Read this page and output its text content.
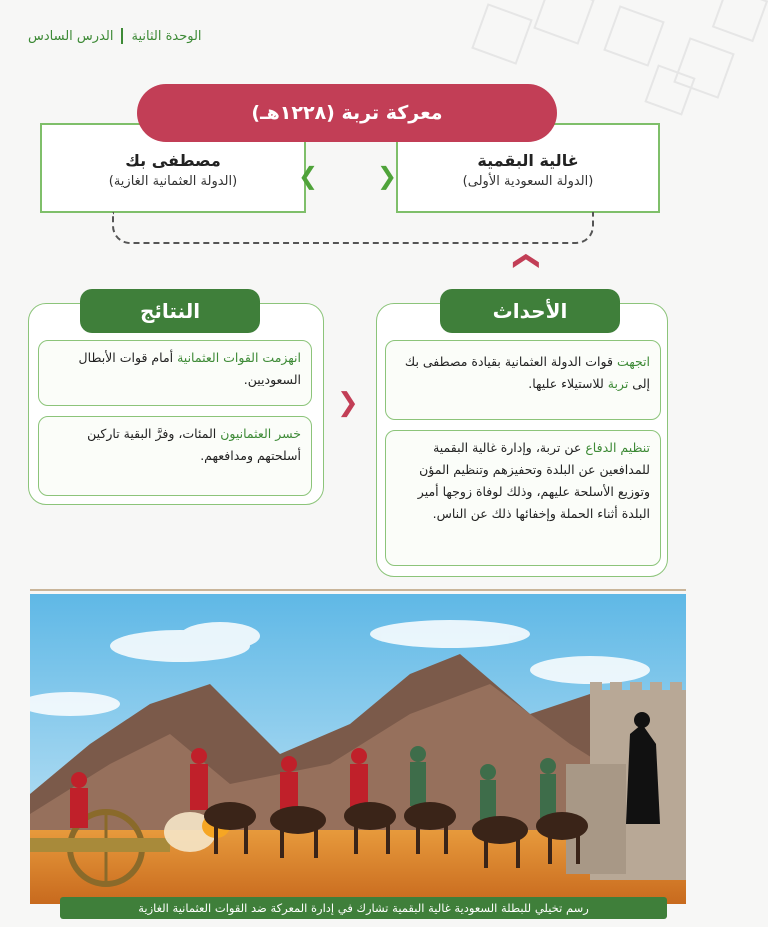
الدرس السادس الوحدة الثانية
مصطفى بك
(الدولة العثمانية الغازية)
غالية البقمية
(الدولة السعودية الأولى)
❯ ❮
معركة تربة (١٢٢٨هـ)
❯
الأحداث
اتجهت قوات الدولة العثمانية بقيادة مصطفى بك إلى تربة للاستيلاء عليها.
تنظيم الدفاع عن تربة، وإدارة غالية البقمية للمدافعين عن البلدة وتحفيزهم وتنظيم المؤن وتوزيع الأسلحة عليهم، وذلك لوفاة زوجها أمير البلدة أثناء الحملة وإخفائها ذلك عن الناس.
❮
النتائج
انهزمت القوات العثمانية أمام قوات الأبطال السعوديين.
خسر العثمانيون المئات، وفرَّ البقية تاركين أسلحتهم ومدافعهم.
رسم تخيلي للبطلة السعودية غالية البقمية تشارك في إدارة المعركة ضد القوات العثمانية الغازية
